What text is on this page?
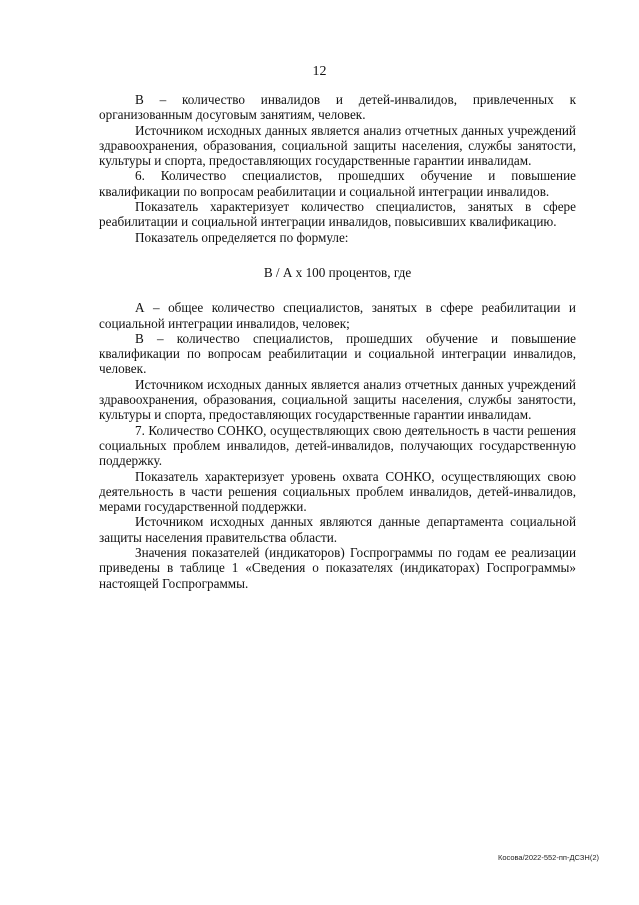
12

В – количество инвалидов и детей-инвалидов, привлеченных к организованным досуговым занятиям, человек.

Источником исходных данных является анализ отчетных данных учреждений здравоохранения, образования, социальной защиты населения, службы занятости, культуры и спорта, предоставляющих государственные гарантии инвалидам.

6. Количество специалистов, прошедших обучение и повышение квалификации по вопросам реабилитации и социальной интеграции инвалидов.

Показатель характеризует количество специалистов, занятых в сфере реабилитации и социальной интеграции инвалидов, повысивших квалификацию.

Показатель определяется по формуле:

В / А х 100 процентов, где

А – общее количество специалистов, занятых в сфере реабилитации и социальной интеграции инвалидов, человек;

В – количество специалистов, прошедших обучение и повышение квалификации по вопросам реабилитации и социальной интеграции инвалидов, человек.

Источником исходных данных является анализ отчетных данных учреждений здравоохранения, образования, социальной защиты населения, службы занятости, культуры и спорта, предоставляющих государственные гарантии инвалидам.

7. Количество СОНКО, осуществляющих свою деятельность в части решения социальных проблем инвалидов, детей-инвалидов, получающих государственную поддержку.

Показатель характеризует уровень охвата СОНКО, осуществляющих свою деятельность в части решения социальных проблем инвалидов, детей-инвалидов, мерами государственной поддержки.

Источником исходных данных являются данные департамента социальной защиты населения правительства области.

Значения показателей (индикаторов) Госпрограммы по годам ее реализации приведены в таблице 1 «Сведения о показателях (индикаторах) Госпрограммы» настоящей Госпрограммы.

Косова/2022-552-пп-ДСЗН(2)
